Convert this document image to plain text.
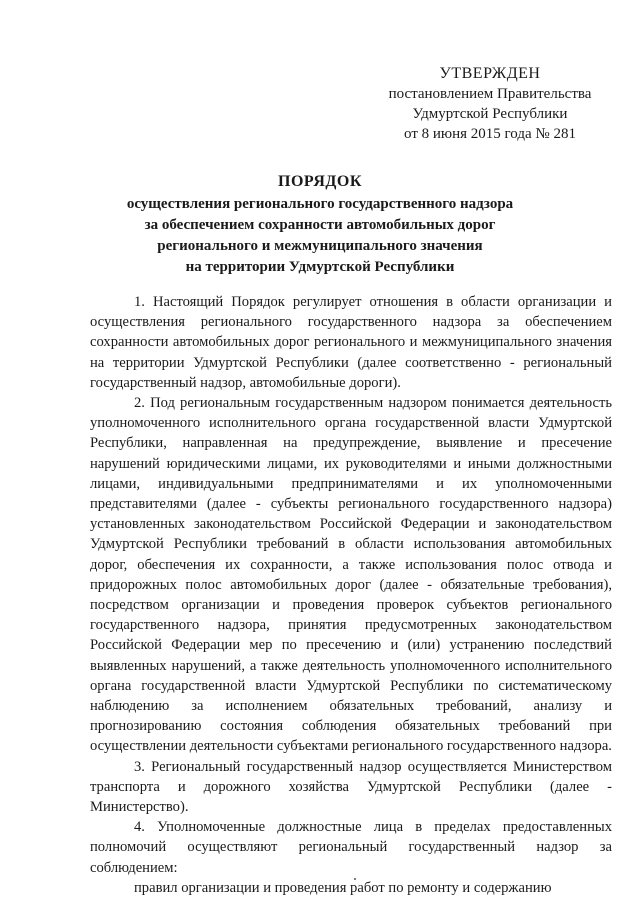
УТВЕРЖДЕН
постановлением Правительства
Удмуртской Республики
от 8 июня 2015 года № 281
ПОРЯДОК
осуществления регионального государственного надзора
за обеспечением сохранности автомобильных дорог
регионального и межмуниципального значения
на территории Удмуртской Республики

1. Настоящий Порядок регулирует отношения в области организации и осуществления регионального государственного надзора за обеспечением сохранности автомобильных дорог регионального и межмуниципального значения на территории Удмуртской Республики (далее соответственно - региональный государственный надзор, автомобильные дороги).

2. Под региональным государственным надзором понимается деятельность уполномоченного исполнительного органа государственной власти Удмуртской Республики, направленная на предупреждение, выявление и пресечение нарушений юридическими лицами, их руководителями и иными должностными лицами, индивидуальными предпринимателями и их уполномоченными представителями (далее - субъекты регионального государственного надзора) установленных законодательством Российской Федерации и законодательством Удмуртской Республики требований в области использования автомобильных дорог, обеспечения их сохранности, а также использования полос отвода и придорожных полос автомобильных дорог (далее - обязательные требования), посредством организации и проведения проверок субъектов регионального государственного надзора, принятия предусмотренных законодательством Российской Федерации мер по пресечению и (или) устранению последствий выявленных нарушений, а также деятельность уполномоченного исполнительного органа государственной власти Удмуртской Республики по систематическому наблюдению за исполнением обязательных требований, анализу и прогнозированию состояния соблюдения обязательных требований при осуществлении деятельности субъектами регионального государственного надзора.

3. Региональный государственный надзор осуществляется Министерством транспорта и дорожного хозяйства Удмуртской Республики (далее - Министерство).

4. Уполномоченные должностные лица в пределах предоставленных полномочий осуществляют региональный государственный надзор за соблюдением:

правил организации и проведения работ по ремонту и содержанию
